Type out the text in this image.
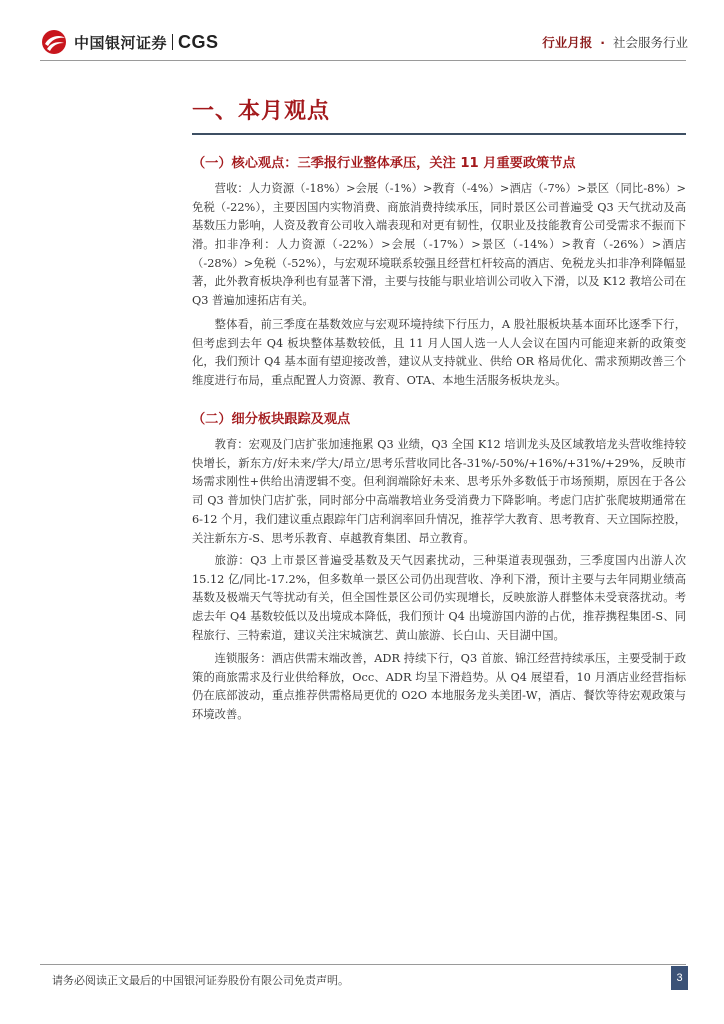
中国银河证券 CGS	行业月报 · 社会服务行业
一、本月观点
（一）核心观点：三季报行业整体承压，关注 11 月重要政策节点

营收：人力资源（-18%）>会展（-1%）>教育（-4%）>酒店（-7%）>景区（同比-8%）>免税（-22%），主要因国内实物消费、商旅消费持续承压，同时景区公司普遍受 Q3 天气扰动及高基数压力影响，人资及教育公司收入端表现和对更有韧性，仅职业及技能教育公司受需求不振而下滑。 扣非净利：人力资源（-22%）>会展（-17%）>景区（-14%）>教育（-26%）>酒店（-28%）>免税（-52%），与宏观环境联系较强且经营杠杆较高的酒店、免税龙头扣非净利降幅显著，此外教育板块净利也有显著下滑，主要与技能与职业培训公司收入下滑，以及 K12 教培公司在 Q3 普遍加速拓店有关。

整体看，前三季度在基数效应与宏观环境持续下行压力，A 股社服板块基本面环比逐季下行，但考虑到去年 Q4 板块整体基数较低，且 11 月人国人选一人人会议在国内可能迎来新的政策变化，我们预计 Q4 基本面有望迎接改善，建议从支持就业、供给 OR 格局优化、需求预期改善三个维度进行布局，重点配置人力资源、教育、OTA、本地生活服务板块龙头。

（二）细分板块跟踪及观点

教育：宏观及门店扩张加速拖累 Q3 业绩，Q3 全国 K12 培训龙头及区域教培龙头营收维持较快增长，新东方/好未来/学大/昂立/思考乐营收同比各-31%/-50%/+16%/+31%/+29%，反映市场需求刚性+供给出清逻辑不变。但利润端除好未来、思考乐外多数低于市场预期，原因在于各公司 Q3 普加快门店扩张，同时部分中高端教培业务受消费力下降影响。考虑门店扩张爬坡期通常在 6-12 个月，我们建议重点跟踪年门店利润率回升情况，推荐学大教育、思考教育、天立国际控股，关注新东方-S、思考乐教育、卓越教育集团、昂立教育。

旅游：Q3 上市景区普遍受基数及天气因素扰动，三种渠道表现强劲，三季度国内出游人次 15.12 亿/同比-17.2%，但多数单一景区公司仍出现营收、净利下滑，预计主要与去年同期业绩高基数及极端天气等扰动有关，但全国性景区公司仍实现增长，反映旅游人群整体未受衰落扰动。考虑去年 Q4 基数较低以及出境成本降低，我们预计 Q4 出境游国内游的占优，推荐携程集团-S、同程旅行、三特索道，建议关注宋城演艺、黄山旅游、长白山、天目湖中国。

连锁服务：酒店供需末端改善，ADR 持续下行，Q3 首旅、锦江经营持续承压，主要受制于政策的商旅需求及行业供给释放，Occ、ADR 均呈下滑趋势。从 Q4 展望看，10 月酒店业经营指标仍在底部波动，重点推荐供需格局更优的 O2O 本地服务龙头美团-W，酒店、餐饮等待宏观政策与环境改善。

请务必阅读正文最后的中国银河证券股份有限公司免责声明。	3
